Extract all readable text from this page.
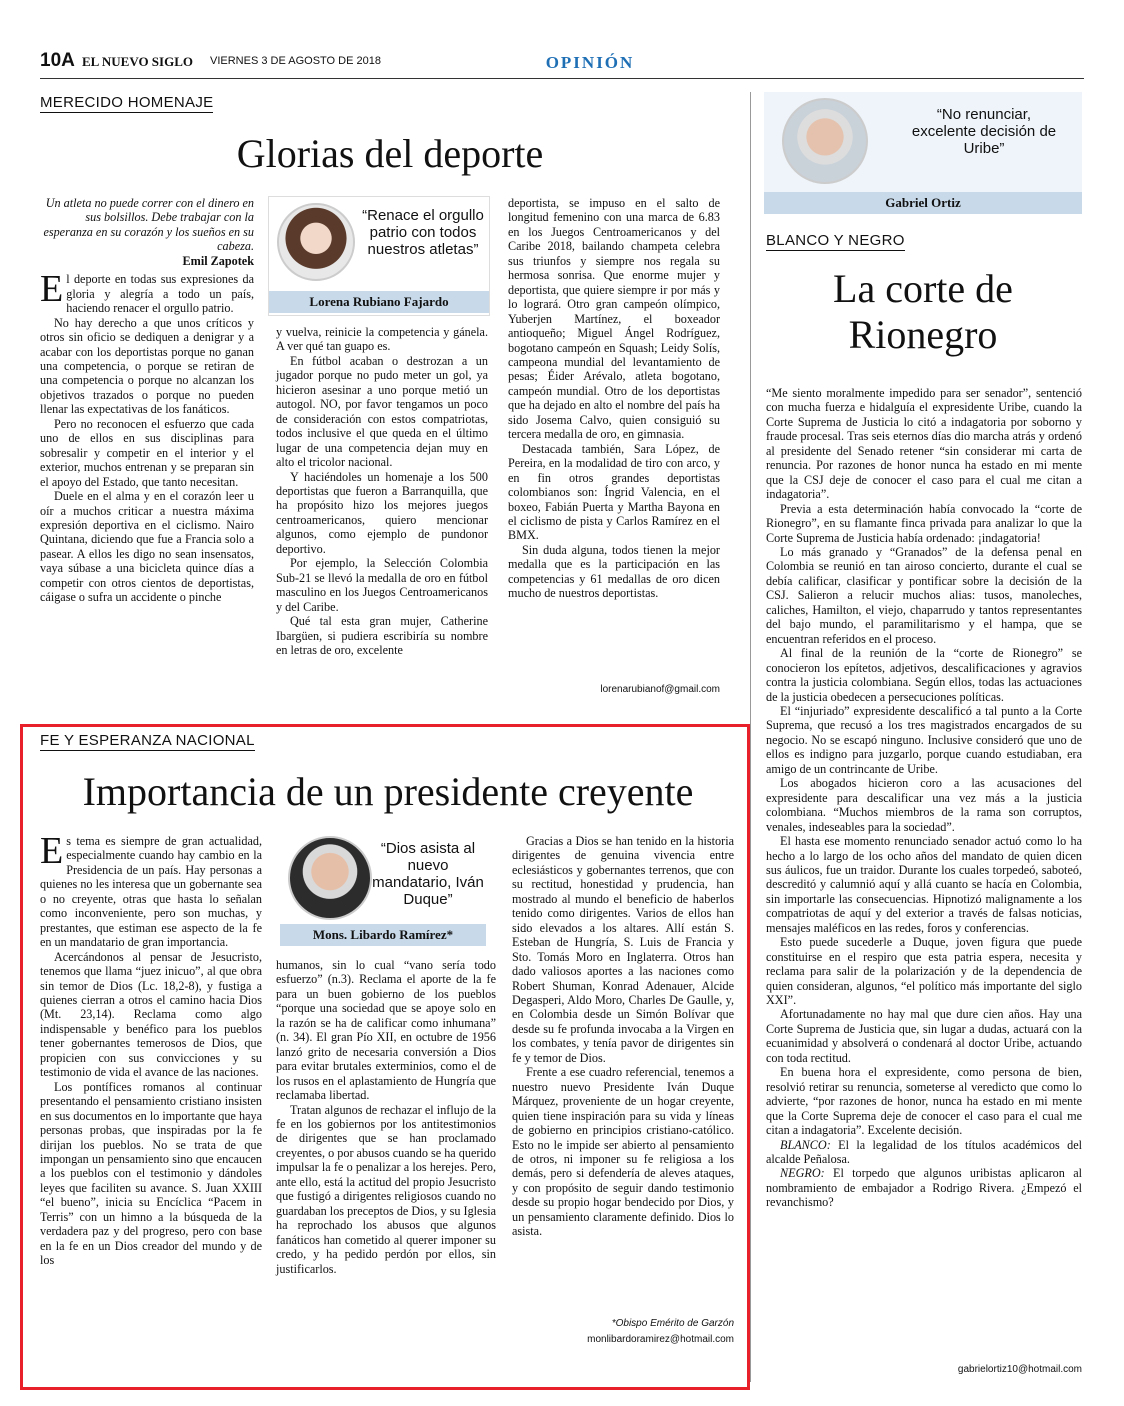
10A EL NUEVO SIGLO VIERNES 3 DE AGOSTO DE 2018	OPINIÓN
MERECIDO HOMENAJE
Glorias del deporte

Un atleta no puede correr con el dinero en sus bolsillos. Debe trabajar con la esperanza en su corazón y los sueños en su cabeza.

Emil Zapotek

El deporte en todas sus expresiones da gloria y alegría a todo un país, haciendo renacer el orgullo patrio.

No hay derecho a que unos críticos y otros sin oficio se dediquen a denigrar y a acabar con los deportistas porque no ganan una competencia, o porque se retiran de una competencia o porque no alcanzan los objetivos trazados o porque no pueden llenar las expectativas de los fanáticos.

Pero no reconocen el esfuerzo que cada uno de ellos en sus disciplinas para sobresalir y competir en el interior y el exterior, muchos entrenan y se preparan sin el apoyo del Estado, que tanto necesitan.

Duele en el alma y en el corazón leer u oír a muchos criticar a nuestra máxima expresión deportiva en el ciclismo. Nairo Quintana, diciendo que fue a Francia solo a pasear. A ellos les digo no sean insensatos, vaya súbase a una bicicleta quince días a competir con otros cientos de deportistas, cáigase o sufra un accidente o pinche

“Renace el orgullo patrio con todos nuestros atletas”
Lorena Rubiano Fajardo

y vuelva, reinicie la competencia y gánela. A ver qué tan guapo es.

En fútbol acaban o destrozan a un jugador porque no pudo meter un gol, ya hicieron asesinar a uno porque metió un autogol. NO, por favor tengamos un poco de consideración con estos compatriotas, todos inclusive el que queda en el último lugar de una competencia dejan muy en alto el tricolor nacional.

Y haciéndoles un homenaje a los 500 deportistas que fueron a Barranquilla, que ha propósito hizo los mejores juegos centroamericanos, quiero mencionar algunos, como ejemplo de pundonor deportivo.

Por ejemplo, la Selección Colombia Sub-21 se llevó la medalla de oro en fútbol masculino en los Juegos Centroamericanos y del Caribe.

Qué tal esta gran mujer, Catherine Ibargüen, si pudiera escribiría su nombre en letras de oro, excelente

deportista, se impuso en el salto de longitud femenino con una marca de 6.83 en los Juegos Centroamericanos y del Caribe 2018, bailando champeta celebra sus triunfos y siempre nos regala su hermosa sonrisa. Que enorme mujer y deportista, que quiere siempre ir por más y lo logrará. Otro gran campeón olímpico, Yuberjen Martínez, el boxeador antioqueño; Miguel Ángel Rodríguez, bogotano campeón en Squash; Leidy Solís, campeona mundial del levantamiento de pesas; Éider Arévalo, atleta bogotano, campeón mundial. Otro de los deportistas que ha dejado en alto el nombre del país ha sido Josema Calvo, quien consiguió su tercera medalla de oro, en gimnasia.

Destacada también, Sara López, de Pereira, en la modalidad de tiro con arco, y en fin otros grandes deportistas colombianos son: Íngrid Valencia, en el boxeo, Fabián Puerta y Martha Bayona en el ciclismo de pista y Carlos Ramírez en el BMX.

Sin duda alguna, todos tienen la mejor medalla que es la participación en las competencias y 61 medallas de oro dicen mucho de nuestros deportistas.

lorenarubianof@gmail.com
“No renunciar, excelente decisión de Uribe”
Gabriel Ortiz
BLANCO Y NEGRO
La corte de
Rionegro

“Me siento moralmente impedido para ser senador”, sentenció con mucha fuerza e hidalguía el expresidente Uribe, cuando la Corte Suprema de Justicia lo citó a indagatoria por soborno y fraude procesal. Tras seis eternos días dio marcha atrás y ordenó al presidente del Senado retener “sin considerar mi carta de renuncia. Por razones de honor nunca ha estado en mi mente que la CSJ deje de conocer el caso para el cual me citan a indagatoria”.

Previa a esta determinación había convocado la “corte de Rionegro”, en su flamante finca privada para analizar lo que la Corte Suprema de Justicia había ordenado: ¡indagatoria!

Lo más granado y “Granados” de la defensa penal en Colombia se reunió en tan airoso concierto, durante el cual se debía calificar, clasificar y pontificar sobre la decisión de la CSJ. Salieron a relucir muchos alias: tusos, manoleches, caliches, Hamilton, el viejo, chaparrudo y tantos representantes del bajo mundo, el paramilitarismo y el hampa, que se encuentran referidos en el proceso.

Al final de la reunión de la “corte de Rionegro” se conocieron los epítetos, adjetivos, descalificaciones y agravios contra la justicia colombiana. Según ellos, todas las actuaciones de la justicia obedecen a persecuciones políticas.

El “injuriado” expresidente descalificó a tal punto a la Corte Suprema, que recusó a los tres magistrados encargados de su negocio. No se escapó ninguno. Inclusive consideró que uno de ellos es indigno para juzgarlo, porque cuando estudiaban, era amigo de un contrincante de Uribe.

Los abogados hicieron coro a las acusaciones del expresidente para descalificar una vez más a la justicia colombiana. “Muchos miembros de la rama son corruptos, venales, indeseables para la sociedad”.

El hasta ese momento renunciado senador actuó como lo ha hecho a lo largo de los ocho años del mandato de quien dicen sus áulicos, fue un traidor. Durante los cuales torpedeó, saboteó, descreditó y calumnió aquí y allá cuanto se hacía en Colombia, sin importarle las consecuencias. Hipnotizó malignamente a los compatriotas de aquí y del exterior a través de falsas noticias, mensajes maléficos en las redes, foros y conferencias.

Esto puede sucederle a Duque, joven figura que puede constituirse en el respiro que esta patria espera, necesita y reclama para salir de la polarización y de la dependencia de quien consideran, algunos, “el político más importante del siglo XXI”.

Afortunadamente no hay mal que dure cien años. Hay una Corte Suprema de Justicia que, sin lugar a dudas, actuará con la ecuanimidad y absolverá o condenará al doctor Uribe, actuando con toda rectitud.

En buena hora el expresidente, como persona de bien, resolvió retirar su renuncia, someterse al veredicto que como lo advierte, “por razones de honor, nunca ha estado en mi mente que la Corte Suprema deje de conocer el caso para el cual me citan a indagatoria”. Excelente decisión.

BLANCO: El la legalidad de los títulos académicos del alcalde Peñalosa.

NEGRO: El torpedo que algunos uribistas aplicaron al nombramiento de embajador a Rodrigo Rivera. ¿Empezó el revanchismo?

gabrielortiz10@hotmail.com
FE Y ESPERANZA NACIONAL
Importancia de un presidente creyente

Es tema es siempre de gran actualidad, especialmente cuando hay cambio en la Presidencia de un país. Hay personas a quienes no les interesa que un gobernante sea o no creyente, otras que hasta lo señalan como inconveniente, pero son muchas, y prestantes, que estiman ese aspecto de la fe en un mandatario de gran importancia.

Acercándonos al pensar de Jesucristo, tenemos que llama “juez inicuo”, al que obra sin temor de Dios (Lc. 18,2-8), y fustiga a quienes cierran a otros el camino hacia Dios (Mt. 23,14). Reclama como algo indispensable y benéfico para los pueblos tener gobernantes temerosos de Dios, que propicien con sus convicciones y su testimonio de vida el avance de las naciones.

Los pontífices romanos al continuar presentando el pensamiento cristiano insisten en sus documentos en lo importante que haya personas probas, que inspiradas por la fe dirijan los pueblos. No se trata de que impongan un pensamiento sino que encaucen a los pueblos con el testimonio y dándoles leyes que faciliten su avance. S. Juan XXIII “el bueno”, inicia su Encíclica “Pacem in Terris” con un himno a la búsqueda de la verdadera paz y del progreso, pero con base en la fe en un Dios creador del mundo y de los

“Dios asista al nuevo mandatario, Iván Duque”
Mons. Libardo Ramírez*

humanos, sin lo cual “vano sería todo esfuerzo” (n.3). Reclama el aporte de la fe para un buen gobierno de los pueblos “porque una sociedad que se apoye solo en la razón se ha de calificar como inhumana” (n. 34). El gran Pío XII, en octubre de 1956 lanzó grito de necesaria conversión a Dios para evitar brutales exterminios, como el de los rusos en el aplastamiento de Hungría que reclamaba libertad.

Tratan algunos de rechazar el influjo de la fe en los gobiernos por los antitestimonios de dirigentes que se han proclamado creyentes, o por abusos cuando se ha querido impulsar la fe o penalizar a los herejes. Pero, ante ello, está la actitud del propio Jesucristo que fustigó a dirigentes religiosos cuando no guardaban los preceptos de Dios, y su Iglesia ha reprochado los abusos que algunos fanáticos han cometido al querer imponer su credo, y ha pedido perdón por ellos, sin justificarlos.

Gracias a Dios se han tenido en la historia dirigentes de genuina vivencia entre eclesiásticos y gobernantes terrenos, que con su rectitud, honestidad y prudencia, han mostrado al mundo el beneficio de haberlos tenido como dirigentes. Varios de ellos han sido elevados a los altares. Allí están S. Esteban de Hungría, S. Luis de Francia y Sto. Tomás Moro en Inglaterra. Otros han dado valiosos aportes a las naciones como Robert Shuman, Konrad Adenauer, Alcide Degasperi, Aldo Moro, Charles De Gaulle, y, en Colombia desde un Simón Bolívar que desde su fe profunda invocaba a la Virgen en los combates, y tenía pavor de dirigentes sin fe y temor de Dios.

Frente a ese cuadro referencial, tenemos a nuestro nuevo Presidente Iván Duque Márquez, proveniente de un hogar creyente, quien tiene inspiración para su vida y líneas de gobierno en principios cristiano-católico. Esto no le impide ser abierto al pensamiento de otros, ni imponer su fe religiosa a los demás, pero si defendería de aleves ataques, y con propósito de seguir dando testimonio desde su propio hogar bendecido por Dios, y un pensamiento claramente definido. Dios lo asista.

*Obispo Emérito de Garzón
monlibardoramirez@hotmail.com
